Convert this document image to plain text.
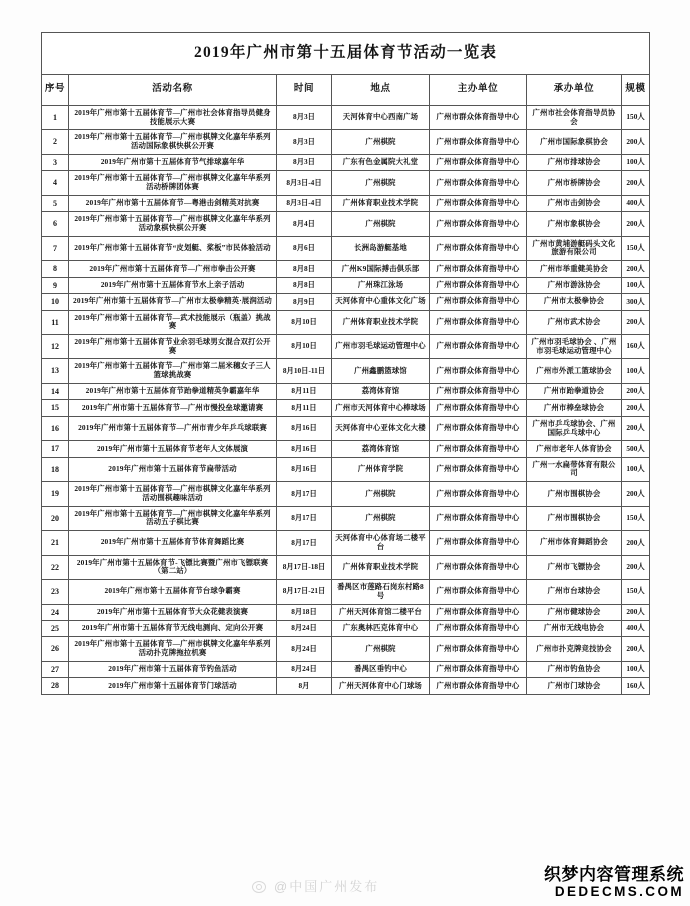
2019年广州市第十五届体育节活动一览表						
序号	活动名称	时间	地点	主办单位	承办单位	规模
1	2019年广州市第十五届体育节—广州市社会体育指导员健身技能展示大赛	8月3日	天河体育中心西南广场	广州市群众体育指导中心	广州市社会体育指导员协会	150人
2	2019年广州市第十五届体育节—广州市棋牌文化嘉年华系列活动国际象棋快棋公开赛	8月3日	广州棋院	广州市群众体育指导中心	广州市国际象棋协会	200人
3	2019年广州市第十五届体育节气排球嘉年华	8月3日	广东有色金属院大礼堂	广州市群众体育指导中心	广州市排球协会	100人
4	2019年广州市第十五届体育节—广州市棋牌文化嘉年华系列活动桥牌团体赛	8月3日-4日	广州棋院	广州市群众体育指导中心	广州市桥牌协会	200人
5	2019年广州市第十五届体育节—粤港击剑精英对抗赛	8月3日-4日	广州体育职业技术学院	广州市群众体育指导中心	广州市击剑协会	400人
6	2019年广州市第十五届体育节—广州市棋牌文化嘉年华系列活动象棋快棋公开赛	8月4日	广州棋院	广州市群众体育指导中心	广州市象棋协会	200人
7	2019年广州市第十五届体育节“皮划艇、桨板”市民体验活动	8月6日	长洲岛游艇基地	广州市群众体育指导中心	广州市黄埔游艇码头文化旅游有限公司	150人
8	2019年广州市第十五届体育节—广州市拳击公开赛	8月8日	广州K9国际搏击俱乐部	广州市群众体育指导中心	广州市举重健美协会	200人
9	2019年广州市第十五届体育节水上亲子活动	8月8日	广州珠江泳场	广州市群众体育指导中心	广州市游泳协会	100人
10	2019年广州市第十五届体育节—广州市太极拳精英·展润活动	8月9日	天河体育中心重体文化广场	广州市群众体育指导中心	广州市太极拳协会	300人
11	2019年广州市第十五届体育节—武术技能展示（瓶盖）挑战赛	8月10日	广州体育职业技术学院	广州市群众体育指导中心	广州市武术协会	200人
12	2019年广州市第十五届体育节业余羽毛球男女混合双打公开赛	8月10日	广州市羽毛球运动管理中心	广州市群众体育指导中心	广州市羽毛球协会 、广州市羽毛球运动管理中心	160人
13	2019年广州市第十五届体育节—广州市第二届米穗女子三人篮球挑战赛	8月10日-11日	广州鑫鹏篮球馆	广州市群众体育指导中心	广州市外派工篮球协会	100人
14	2019年广州市第十五届体育节跆拳道精英争霸嘉年华	8月11日	荔湾体育馆	广州市群众体育指导中心	广州市跆拳道协会	200人
15	2019年广州市第十五届体育节—广州市慢投垒球邀请赛	8月11日	广州市天河体育中心棒球场	广州市群众体育指导中心	广州市棒垒球协会	200人
16	2019年广州市第十五届体育节—广州市青少年乒乓球联赛	8月16日	天河体育中心亚体文化大楼	广州市群众体育指导中心	广州市乒乓球协会、广州国际乒乓球中心	200人
17	2019年广州市第十五届体育节老年人文体展演	8月16日	荔湾体育馆	广州市群众体育指导中心	广州市老年人体育协会	500人
18	2019年广州市第十五届体育节扁带活动	8月16日	广州体育学院	广州市群众体育指导中心	广州一水扁带体育有限公司	100人
19	2019年广州市第十五届体育节—广州市棋牌文化嘉年华系列活动围棋趣味活动	8月17日	广州棋院	广州市群众体育指导中心	广州市围棋协会	200人
20	2019年广州市第十五届体育节—广州市棋牌文化嘉年华系列活动五子棋比赛	8月17日	广州棋院	广州市群众体育指导中心	广州市围棋协会	150人
21	2019年广州市第十五届体育节体育舞蹈比赛	8月17日	天河体育中心体育场二楼平台	广州市群众体育指导中心	广州市体育舞蹈协会	200人
22	2019年广州市第十五届体育节-飞镖比赛暨广州市飞镖联赛（第二站）	8月17日-18日	广州体育职业技术学院	广州市群众体育指导中心	广州市飞镖协会	200人
23	2019年广州市第十五届体育节台球争霸赛	8月17日-21日	番禺区市莲路石岗东村路8号	广州市群众体育指导中心	广州市台球协会	150人
24	2019年广州市第十五届体育节大众花健表演赛	8月18日	广州天河体育馆二楼平台	广州市群众体育指导中心	广州市健球协会	200人
25	2019年广州市第十五届体育节无线电测向、定向公开赛	8月24日	广东奥林匹克体育中心	广州市群众体育指导中心	广州市无线电协会	400人
26	2019年广州市第十五届体育节—广州市棋牌文化嘉年华系列活动扑克牌拖拉机赛	8月24日	广州棋院	广州市群众体育指导中心	广州市扑克牌竞技协会	200人
27	2019年广州市第十五届体育节钓鱼活动	8月24日	番禺区垂钓中心	广州市群众体育指导中心	广州市钓鱼协会	100人
28	2019年广州市第十五届体育节门球活动	8月	广州天河体育中心门球场	广州市群众体育指导中心	广州市门球协会	160人
@中国广州发布
织梦内容管理系统
DEDECMS.COM
